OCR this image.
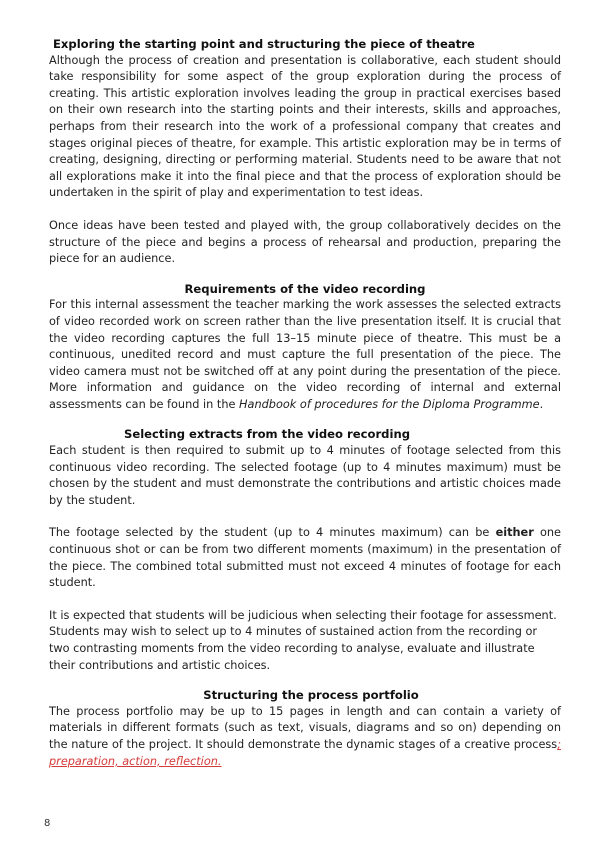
Exploring the starting point and structuring the piece of theatre

Although the process of creation and presentation is collaborative, each student should take responsibility for some aspect of the group exploration during the process of creating. This artistic exploration involves leading the group in practical exercises based on their own research into the starting points and their interests, skills and approaches, perhaps from their research into the work of a professional company that creates and stages original pieces of theatre, for example. This artistic exploration may be in terms of creating, designing, directing or performing material. Students need to be aware that not all explorations make it into the final piece and that the process of exploration should be undertaken in the spirit of play and experimentation to test ideas.

Once ideas have been tested and played with, the group collaboratively decides on the structure of the piece and begins a process of rehearsal and production, preparing the piece for an audience.

Requirements of the video recording

For this internal assessment the teacher marking the work assesses the selected extracts of video recorded work on screen rather than the live presentation itself. It is crucial that the video recording captures the full 13–15 minute piece of theatre. This must be a continuous, unedited record and must capture the full presentation of the piece. The video camera must not be switched off at any point during the presentation of the piece. More information and guidance on the video recording of internal and external assessments can be found in the Handbook of procedures for the Diploma Programme.

Selecting extracts from the video recording

Each student is then required to submit up to 4 minutes of footage selected from this continuous video recording. The selected footage (up to 4 minutes maximum) must be chosen by the student and must demonstrate the contributions and artistic choices made by the student.

The footage selected by the student (up to 4 minutes maximum) can be either one continuous shot or can be from two different moments (maximum) in the presentation of the piece. The combined total submitted must not exceed 4 minutes of footage for each student.

It is expected that students will be judicious when selecting their footage for assessment. Students may wish to select up to 4 minutes of sustained action from the recording or two contrasting moments from the video recording to analyse, evaluate and illustrate their contributions and artistic choices.

Structuring the process portfolio

The process portfolio may be up to 15 pages in length and can contain a variety of materials in different formats (such as text, visuals, diagrams and so on) depending on the nature of the project. It should demonstrate the dynamic stages of a creative process; preparation, action, reflection.

8
